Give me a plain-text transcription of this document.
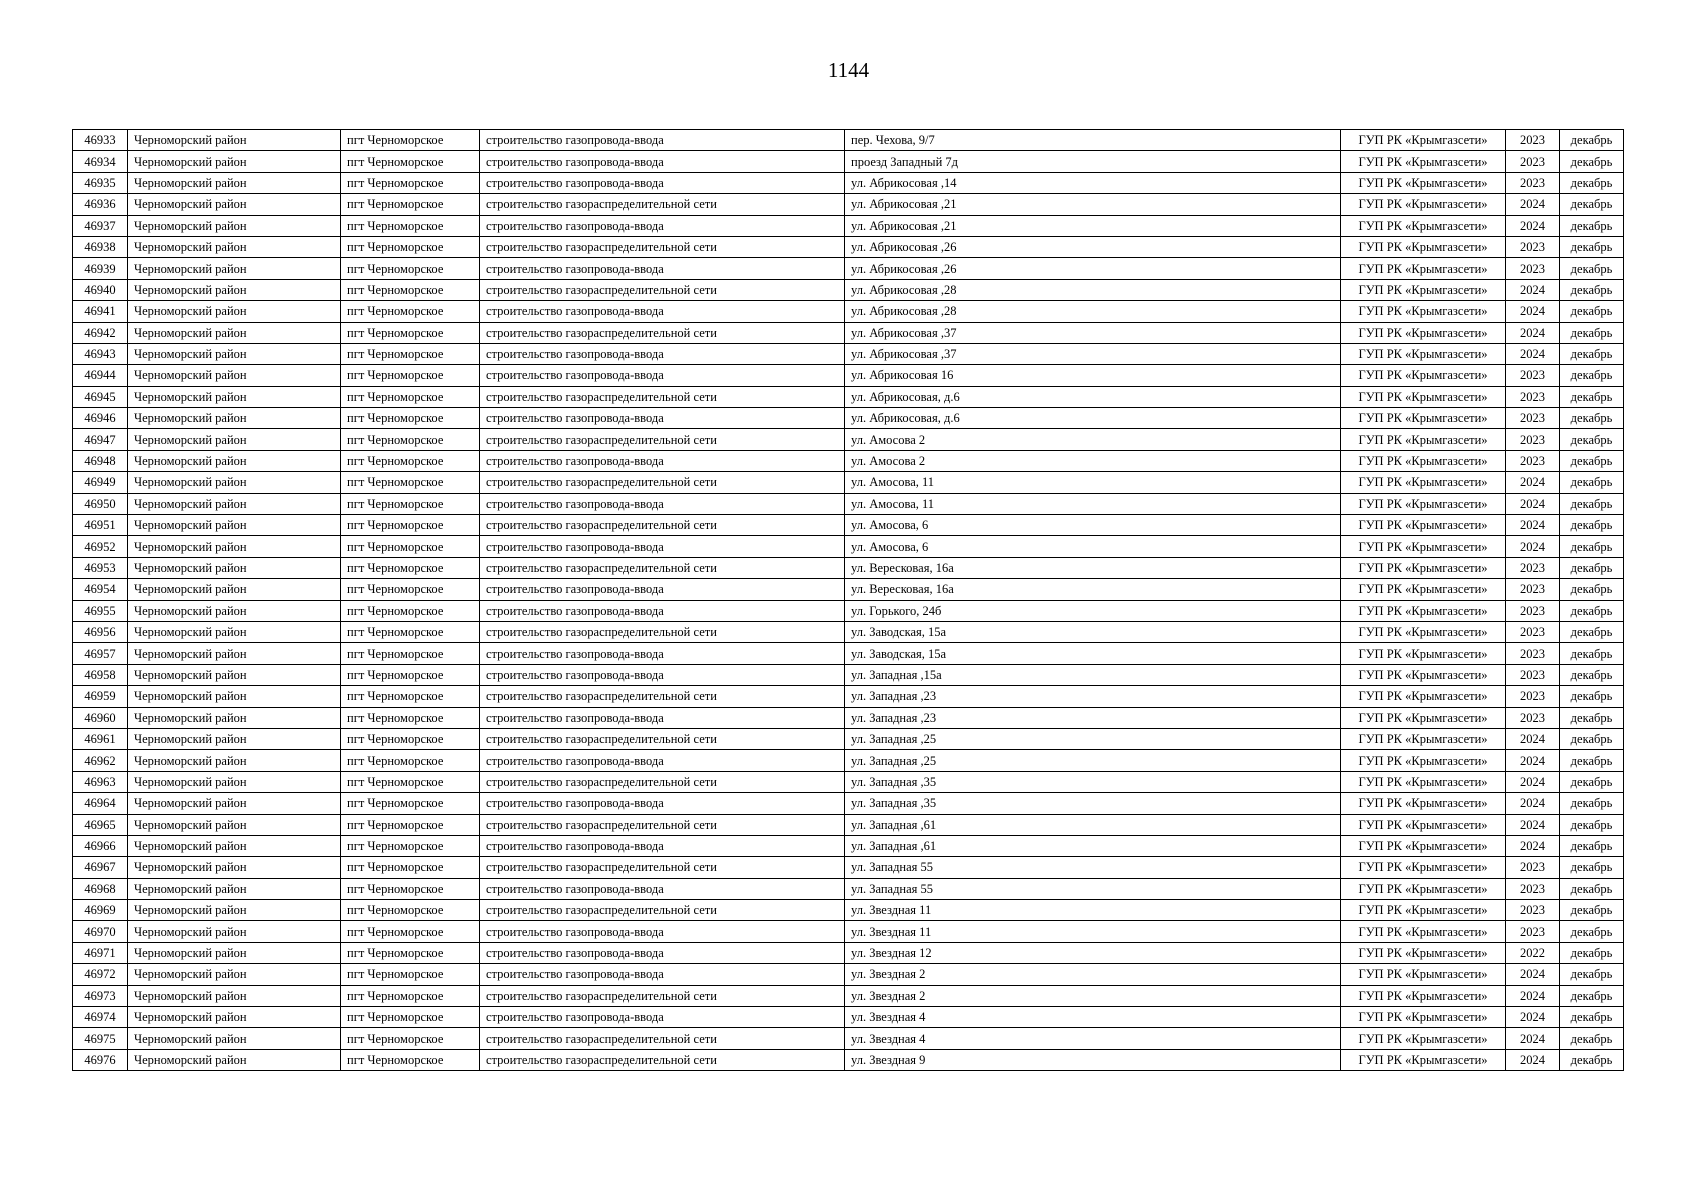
1144
46933	Черноморский район	пгт Черноморское	строительство газопровода-ввода	пер. Чехова, 9/7	ГУП РК «Крымгазсети»	2023	декабрь
46934	Черноморский район	пгт Черноморское	строительство газопровода-ввода	проезд Западный 7д	ГУП РК «Крымгазсети»	2023	декабрь
46935	Черноморский район	пгт Черноморское	строительство газопровода-ввода	ул. Абрикосовая ,14	ГУП РК «Крымгазсети»	2023	декабрь
46936	Черноморский район	пгт Черноморское	строительство газораспределительной сети	ул. Абрикосовая ,21	ГУП РК «Крымгазсети»	2024	декабрь
46937	Черноморский район	пгт Черноморское	строительство газопровода-ввода	ул. Абрикосовая ,21	ГУП РК «Крымгазсети»	2024	декабрь
46938	Черноморский район	пгт Черноморское	строительство газораспределительной сети	ул. Абрикосовая ,26	ГУП РК «Крымгазсети»	2023	декабрь
46939	Черноморский район	пгт Черноморское	строительство газопровода-ввода	ул. Абрикосовая ,26	ГУП РК «Крымгазсети»	2023	декабрь
46940	Черноморский район	пгт Черноморское	строительство газораспределительной сети	ул. Абрикосовая ,28	ГУП РК «Крымгазсети»	2024	декабрь
46941	Черноморский район	пгт Черноморское	строительство газопровода-ввода	ул. Абрикосовая ,28	ГУП РК «Крымгазсети»	2024	декабрь
46942	Черноморский район	пгт Черноморское	строительство газораспределительной сети	ул. Абрикосовая ,37	ГУП РК «Крымгазсети»	2024	декабрь
46943	Черноморский район	пгт Черноморское	строительство газопровода-ввода	ул. Абрикосовая ,37	ГУП РК «Крымгазсети»	2024	декабрь
46944	Черноморский район	пгт Черноморское	строительство газопровода-ввода	ул. Абрикосовая 16	ГУП РК «Крымгазсети»	2023	декабрь
46945	Черноморский район	пгт Черноморское	строительство газораспределительной сети	ул. Абрикосовая, д.6	ГУП РК «Крымгазсети»	2023	декабрь
46946	Черноморский район	пгт Черноморское	строительство газопровода-ввода	ул. Абрикосовая, д.6	ГУП РК «Крымгазсети»	2023	декабрь
46947	Черноморский район	пгт Черноморское	строительство газораспределительной сети	ул. Амосова 2	ГУП РК «Крымгазсети»	2023	декабрь
46948	Черноморский район	пгт Черноморское	строительство газопровода-ввода	ул. Амосова 2	ГУП РК «Крымгазсети»	2023	декабрь
46949	Черноморский район	пгт Черноморское	строительство газораспределительной сети	ул. Амосова, 11	ГУП РК «Крымгазсети»	2024	декабрь
46950	Черноморский район	пгт Черноморское	строительство газопровода-ввода	ул. Амосова, 11	ГУП РК «Крымгазсети»	2024	декабрь
46951	Черноморский район	пгт Черноморское	строительство газораспределительной сети	ул. Амосова, 6	ГУП РК «Крымгазсети»	2024	декабрь
46952	Черноморский район	пгт Черноморское	строительство газопровода-ввода	ул. Амосова, 6	ГУП РК «Крымгазсети»	2024	декабрь
46953	Черноморский район	пгт Черноморское	строительство газораспределительной сети	ул. Вересковая, 16а	ГУП РК «Крымгазсети»	2023	декабрь
46954	Черноморский район	пгт Черноморское	строительство газопровода-ввода	ул. Вересковая, 16а	ГУП РК «Крымгазсети»	2023	декабрь
46955	Черноморский район	пгт Черноморское	строительство газопровода-ввода	ул. Горького, 24б	ГУП РК «Крымгазсети»	2023	декабрь
46956	Черноморский район	пгт Черноморское	строительство газораспределительной сети	ул. Заводская, 15а	ГУП РК «Крымгазсети»	2023	декабрь
46957	Черноморский район	пгт Черноморское	строительство газопровода-ввода	ул. Заводская, 15а	ГУП РК «Крымгазсети»	2023	декабрь
46958	Черноморский район	пгт Черноморское	строительство газопровода-ввода	ул. Западная ,15а	ГУП РК «Крымгазсети»	2023	декабрь
46959	Черноморский район	пгт Черноморское	строительство газораспределительной сети	ул. Западная ,23	ГУП РК «Крымгазсети»	2023	декабрь
46960	Черноморский район	пгт Черноморское	строительство газопровода-ввода	ул. Западная ,23	ГУП РК «Крымгазсети»	2023	декабрь
46961	Черноморский район	пгт Черноморское	строительство газораспределительной сети	ул. Западная ,25	ГУП РК «Крымгазсети»	2024	декабрь
46962	Черноморский район	пгт Черноморское	строительство газопровода-ввода	ул. Западная ,25	ГУП РК «Крымгазсети»	2024	декабрь
46963	Черноморский район	пгт Черноморское	строительство газораспределительной сети	ул. Западная ,35	ГУП РК «Крымгазсети»	2024	декабрь
46964	Черноморский район	пгт Черноморское	строительство газопровода-ввода	ул. Западная ,35	ГУП РК «Крымгазсети»	2024	декабрь
46965	Черноморский район	пгт Черноморское	строительство газораспределительной сети	ул. Западная ,61	ГУП РК «Крымгазсети»	2024	декабрь
46966	Черноморский район	пгт Черноморское	строительство газопровода-ввода	ул. Западная ,61	ГУП РК «Крымгазсети»	2024	декабрь
46967	Черноморский район	пгт Черноморское	строительство газораспределительной сети	ул. Западная 55	ГУП РК «Крымгазсети»	2023	декабрь
46968	Черноморский район	пгт Черноморское	строительство газопровода-ввода	ул. Западная 55	ГУП РК «Крымгазсети»	2023	декабрь
46969	Черноморский район	пгт Черноморское	строительство газораспределительной сети	ул. Звездная 11	ГУП РК «Крымгазсети»	2023	декабрь
46970	Черноморский район	пгт Черноморское	строительство газопровода-ввода	ул. Звездная 11	ГУП РК «Крымгазсети»	2023	декабрь
46971	Черноморский район	пгт Черноморское	строительство газопровода-ввода	ул. Звездная 12	ГУП РК «Крымгазсети»	2022	декабрь
46972	Черноморский район	пгт Черноморское	строительство газопровода-ввода	ул. Звездная 2	ГУП РК «Крымгазсети»	2024	декабрь
46973	Черноморский район	пгт Черноморское	строительство газораспределительной сети	ул. Звездная 2	ГУП РК «Крымгазсети»	2024	декабрь
46974	Черноморский район	пгт Черноморское	строительство газопровода-ввода	ул. Звездная 4	ГУП РК «Крымгазсети»	2024	декабрь
46975	Черноморский район	пгт Черноморское	строительство газораспределительной сети	ул. Звездная 4	ГУП РК «Крымгазсети»	2024	декабрь
46976	Черноморский район	пгт Черноморское	строительство газораспределительной сети	ул. Звездная 9	ГУП РК «Крымгазсети»	2024	декабрь
